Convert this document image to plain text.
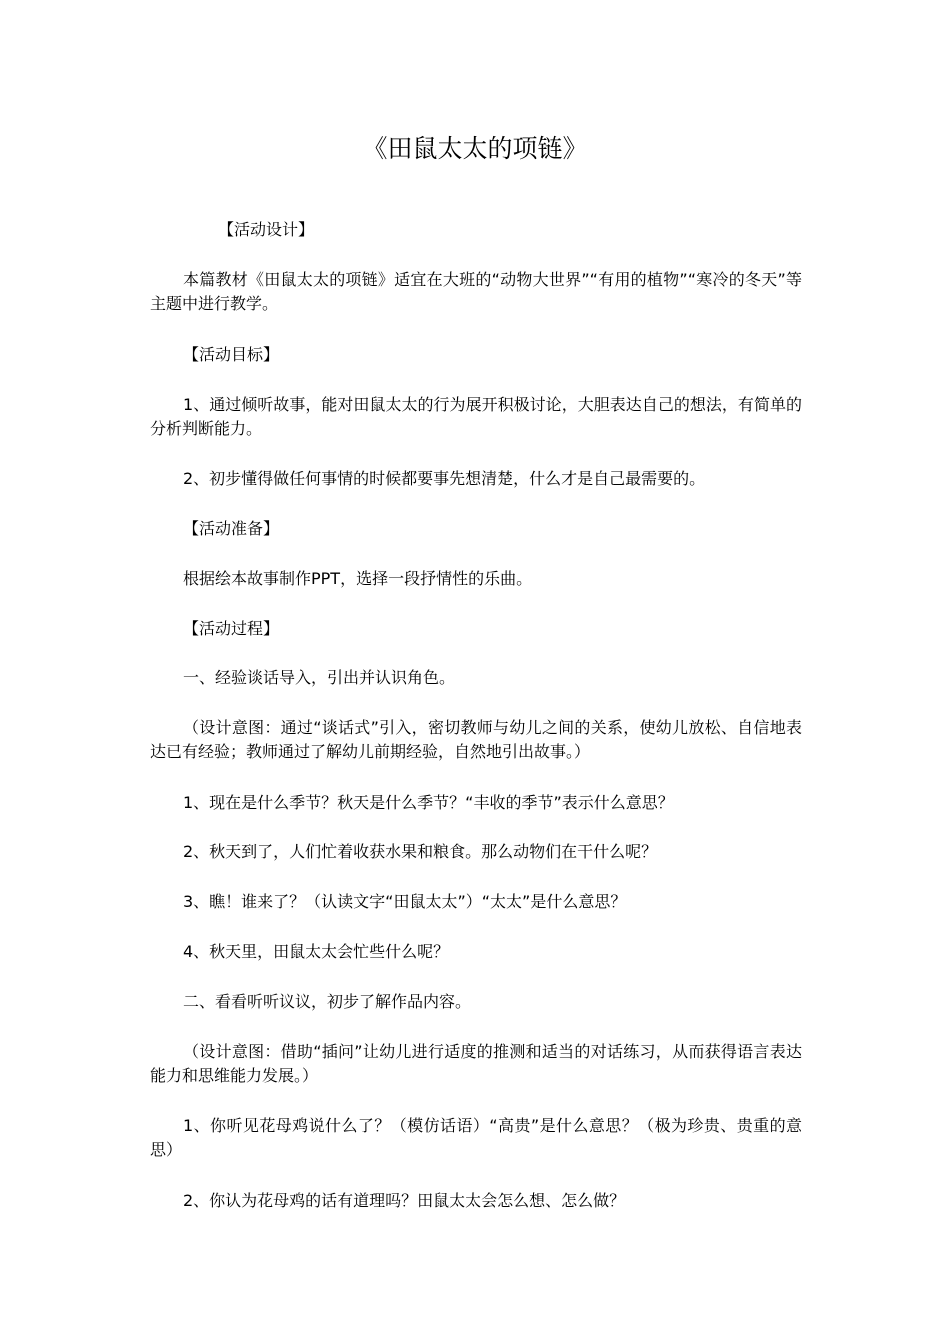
《田鼠太太的项链》

【活动设计】

本篇教材《田鼠太太的项链》适宜在大班的“动物大世界”“有用的植物”“寒冷的冬天”等主题中进行教学。

【活动目标】

1、通过倾听故事，能对田鼠太太的行为展开积极讨论，大胆表达自己的想法，有简单的分析判断能力。

2、初步懂得做任何事情的时候都要事先想清楚，什么才是自己最需要的。

【活动准备】

根据绘本故事制作PPT，选择一段抒情性的乐曲。

【活动过程】

一、经验谈话导入，引出并认识角色。

（设计意图：通过“谈话式”引入，密切教师与幼儿之间的关系，使幼儿放松、自信地表达已有经验；教师通过了解幼儿前期经验，自然地引出故事。）

1、现在是什么季节？秋天是什么季节？“丰收的季节”表示什么意思？

2、秋天到了，人们忙着收获水果和粮食。那么动物们在干什么呢？

3、瞧！谁来了？（认读文字“田鼠太太”）“太太”是什么意思？

4、秋天里，田鼠太太会忙些什么呢？

二、看看听听议议，初步了解作品内容。

（设计意图：借助“插问”让幼儿进行适度的推测和适当的对话练习，从而获得语言表达能力和思维能力发展。）

1、你听见花母鸡说什么了？（模仿话语）“高贵”是什么意思？（极为珍贵、贵重的意思）

2、你认为花母鸡的话有道理吗？田鼠太太会怎么想、怎么做？
